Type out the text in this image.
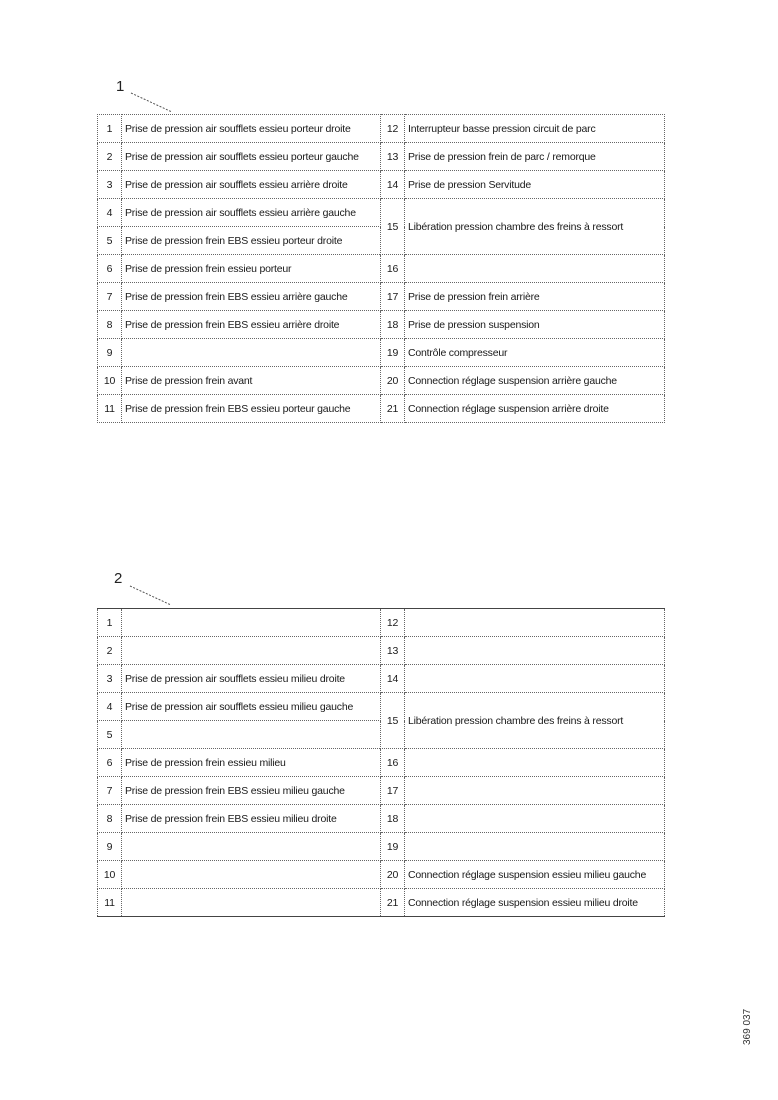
1
1	Prise de pression air soufflets essieu porteur droite	12	Interrupteur basse pression circuit de parc
2	Prise de pression air soufflets essieu porteur gauche	13	Prise de pression frein de parc / remorque
3	Prise de pression air soufflets essieu arrière droite	14	Prise de pression Servitude
4	Prise de pression air soufflets essieu arrière gauche	15	Libération pression chambre des freins à ressort
5	Prise de pression frein EBS essieu porteur droite		
6	Prise de pression frein essieu porteur	16	
7	Prise de pression frein EBS essieu arrière gauche	17	Prise de pression frein arrière
8	Prise de pression frein EBS essieu arrière droite	18	Prise de pression suspension
9		19	Contrôle compresseur
10	Prise de pression frein avant	20	Connection réglage suspension arrière gauche
11	Prise de pression frein EBS essieu porteur gauche	21	Connection réglage suspension arrière droite
2
1		12	
2		13	
3	Prise de pression air soufflets essieu milieu droite	14	
4	Prise de pression air soufflets essieu milieu gauche	15	Libération pression chambre des freins à ressort
5			
6	Prise de pression frein essieu milieu	16	
7	Prise de pression frein EBS essieu milieu gauche	17	
8	Prise de pression frein EBS essieu milieu droite	18	
9		19	
10		20	Connection réglage suspension essieu milieu gauche
11		21	Connection réglage suspension essieu milieu droite
369 037
